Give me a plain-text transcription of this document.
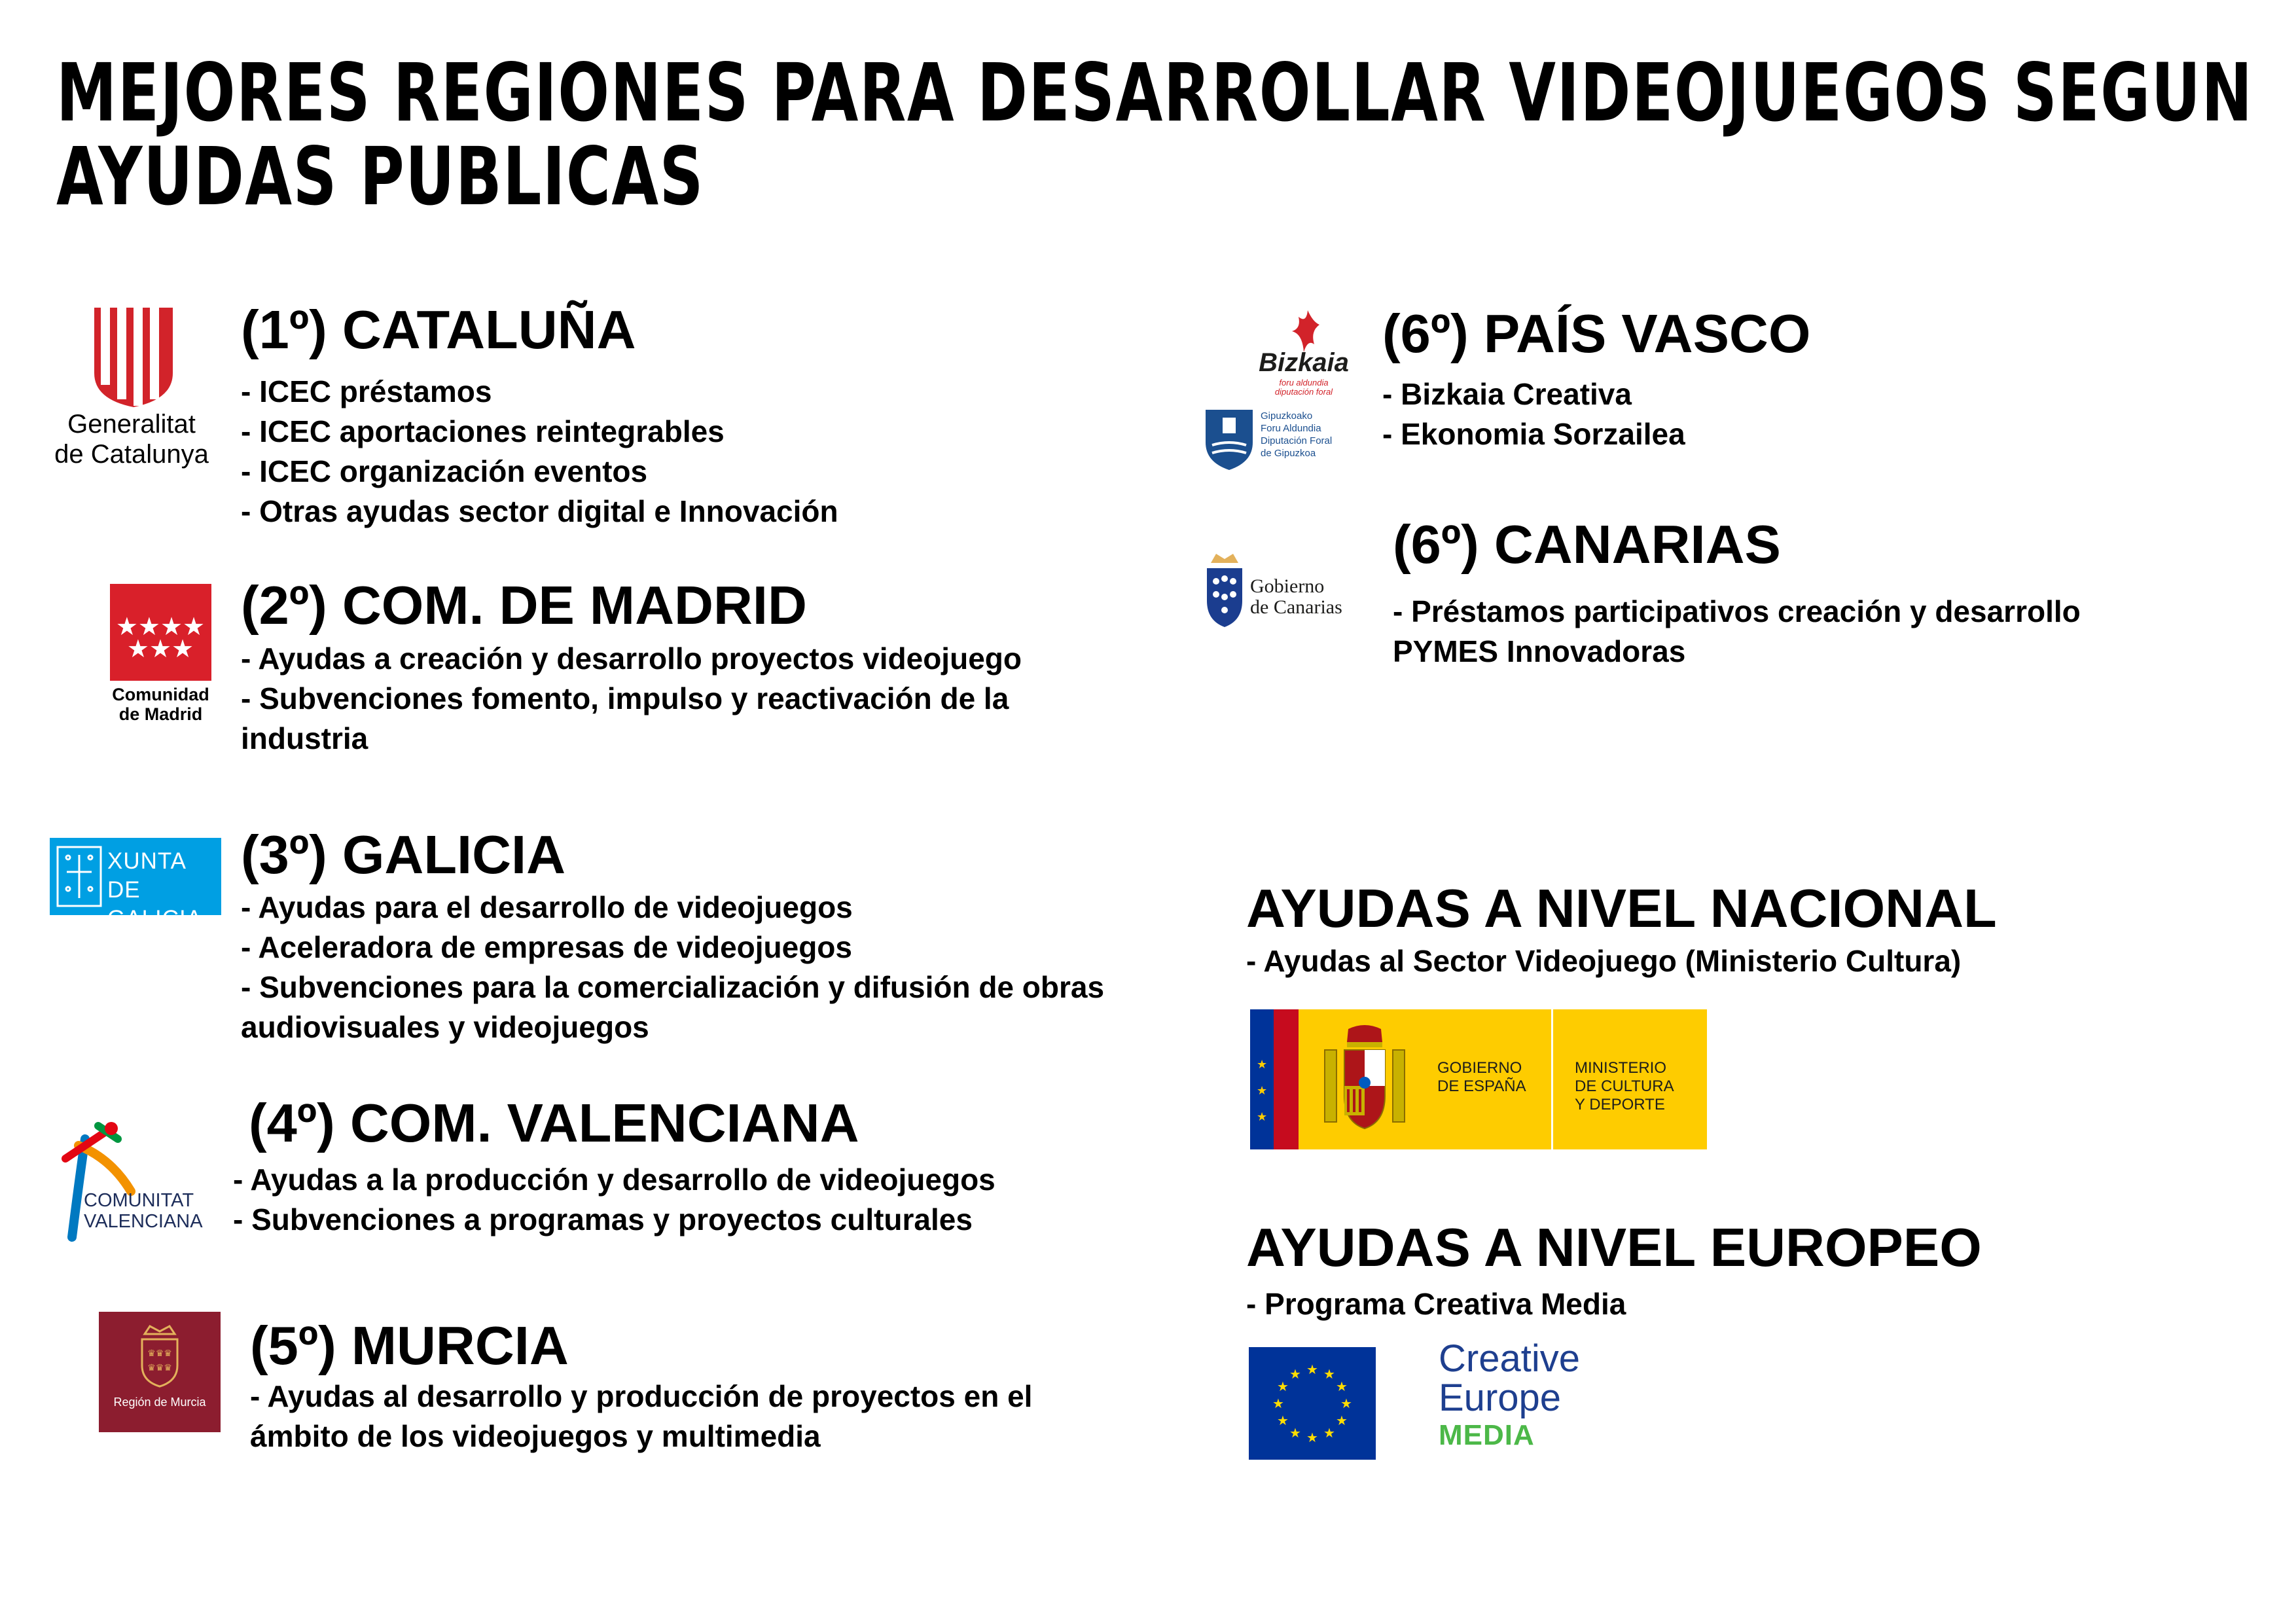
MEJORES REGIONES PARA DESARROLLAR VIDEOJUEGOS SEGUN
AYUDAS PUBLICAS
Generalitat
de Catalunya
(1º) CATALUÑA
- ICEC préstamos
- ICEC aportaciones reintegrables
- ICEC organización eventos
- Otras ayudas sector digital e Innovación
★★★★
★★★
Comunidad
de Madrid
(2º) COM. DE MADRID
- Ayudas a creación y desarrollo proyectos videojuego
- Subvenciones fomento, impulso y reactivación de la industria
XUNTA
DE GALICIA
(3º) GALICIA
- Ayudas para el desarrollo de videojuegos
- Aceleradora de empresas de videojuegos
- Subvenciones para la comercialización y difusión de obras audiovisuales y videojuegos
COMUNITAT
VALENCIANA
(4º) COM. VALENCIANA
- Ayudas a la producción y desarrollo de videojuegos
- Subvenciones a programas y proyectos culturales
♛♛♛
♛♛♛
Región de Murcia
(5º) MURCIA
- Ayudas al desarrollo y producción de proyectos en el ámbito de los videojuegos y multimedia
Bizkaia
foru aldundia
diputación foral
Gipuzkoako
Foru Aldundia
Diputación Foral
de Gipuzkoa
(6º) PAÍS VASCO
- Bizkaia Creativa
- Ekonomia Sorzailea
Gobierno
de Canarias
(6º) CANARIAS
- Préstamos participativos creación y desarrollo PYMES Innovadoras
AYUDAS A NIVEL NACIONAL
- Ayudas al Sector Videojuego (Ministerio Cultura)
★
★
★
GOBIERNO
DE ESPAÑA
MINISTERIO
DE CULTURA
Y DEPORTE
AYUDAS A NIVEL EUROPEO
- Programa Creativa Media
★ ★
★
★
★
★
★
★
★
★
★
★	Creative
Europe
MEDIA
